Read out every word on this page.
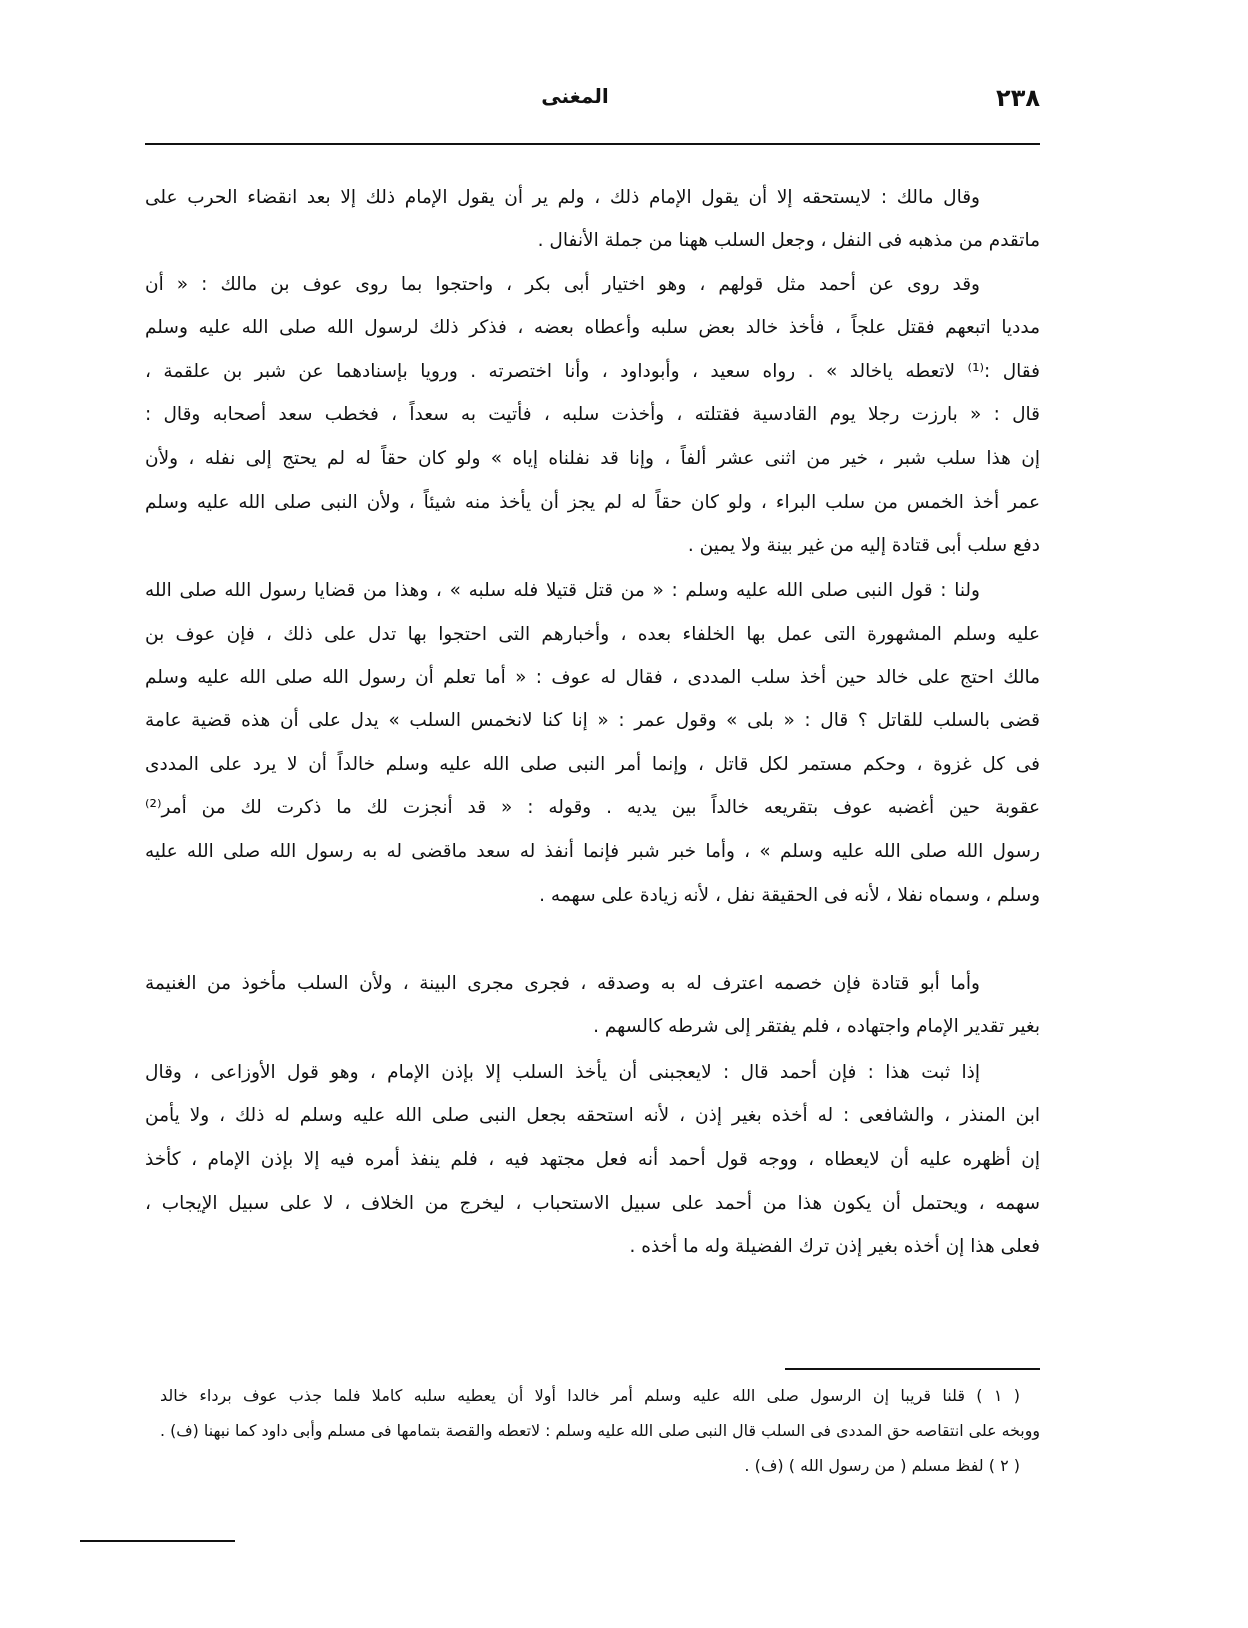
٢٣٨
المغنى
وقال مالك : لايستحقه إلا أن يقول الإمام ذلك ، ولم ير أن يقول الإمام ذلك إلا بعد انقضاء الحرب على
ماتقدم من مذهبه فى النفل ، وجعل السلب ههنا من جملة الأنفال .
وقد روى عن أحمد مثل قولهم ، وهو اختيار أبى بكر ، واحتجوا بما روى عوف بن مالك : « أن
مدديا اتبعهم فقتل علجاً ، فأخذ خالد بعض سلبه وأعطاه بعضه ، فذكر ذلك لرسول الله صلى الله عليه وسلم
فقال :⁽¹⁾ لاتعطه ياخالد » . رواه سعيد ، وأبوداود ، وأنا اختصرته . ورويا بإسنادهما عن شبر بن علقمة ،
قال : « بارزت رجلا يوم القادسية فقتلته ، وأخذت سلبه ، فأتيت به سعداً ، فخطب سعد أصحابه وقال :
إن هذا سلب شبر ، خير من اثنى عشر ألفاً ، وإنا قد نفلناه إياه » ولو كان حقاً له لم يحتج إلى نفله ، ولأن
عمر أخذ الخمس من سلب البراء ، ولو كان حقاً له لم يجز أن يأخذ منه شيئاً ، ولأن النبى صلى الله عليه وسلم
دفع سلب أبى قتادة إليه من غير بينة ولا يمين .
ولنا : قول النبى صلى الله عليه وسلم : « من قتل قتيلا فله سلبه » ، وهذا من قضايا رسول الله صلى الله
عليه وسلم المشهورة التى عمل بها الخلفاء بعده ، وأخبارهم التى احتجوا بها تدل على ذلك ، فإن عوف بن
مالك احتج على خالد حين أخذ سلب المددى ، فقال له عوف : « أما تعلم أن رسول الله صلى الله عليه وسلم
قضى بالسلب للقاتل ؟ قال : « بلى » وقول عمر : « إنا كنا لانخمس السلب » يدل على أن هذه قضية عامة
فى كل غزوة ، وحكم مستمر لكل قاتل ، وإنما أمر النبى صلى الله عليه وسلم خالداً أن لا يرد على المددى
عقوبة حين أغضبه عوف بتقريعه خالداً بين يديه . وقوله : « قد أنجزت لك ما ذكرت لك من أمر⁽²⁾
رسول الله صلى الله عليه وسلم » ، وأما خبر شبر فإنما أنفذ له سعد ماقضى له به رسول الله صلى الله عليه
وسلم ، وسماه نفلا ، لأنه فى الحقيقة نفل ، لأنه زيادة على سهمه .
وأما أبو قتادة فإن خصمه اعترف له به وصدقه ، فجرى مجرى البينة ، ولأن السلب مأخوذ من الغنيمة
بغير تقدير الإمام واجتهاده ، فلم يفتقر إلى شرطه كالسهم .
إذا ثبت هذا : فإن أحمد قال : لايعجبنى أن يأخذ السلب إلا بإذن الإمام ، وهو قول الأوزاعى ، وقال
ابن المنذر ، والشافعى : له أخذه بغير إذن ، لأنه استحقه بجعل النبى صلى الله عليه وسلم له ذلك ، ولا يأمن
إن أظهره عليه أن لايعطاه ، ووجه قول أحمد أنه فعل مجتهد فيه ، فلم ينفذ أمره فيه إلا بإذن الإمام ، كأخذ
سهمه ، ويحتمل أن يكون هذا من أحمد على سبيل الاستحباب ، ليخرج من الخلاف ، لا على سبيل الإيجاب ،
فعلى هذا إن أخذه بغير إذن ترك الفضيلة وله ما أخذه .
( ١ ) قلنا قريبا إن الرسول صلى الله عليه وسلم أمر خالدا أولا أن يعطيه سلبه كاملا فلما جذب عوف برداء خالد
ووبخه على انتقاصه حق المددى فى السلب قال النبى صلى الله عليه وسلم : لاتعطه والقصة بتمامها فى مسلم وأبى داود كما نبهنا (ف) .
( ٢ ) لفظ مسلم ( من رسول الله ) (ف) .
